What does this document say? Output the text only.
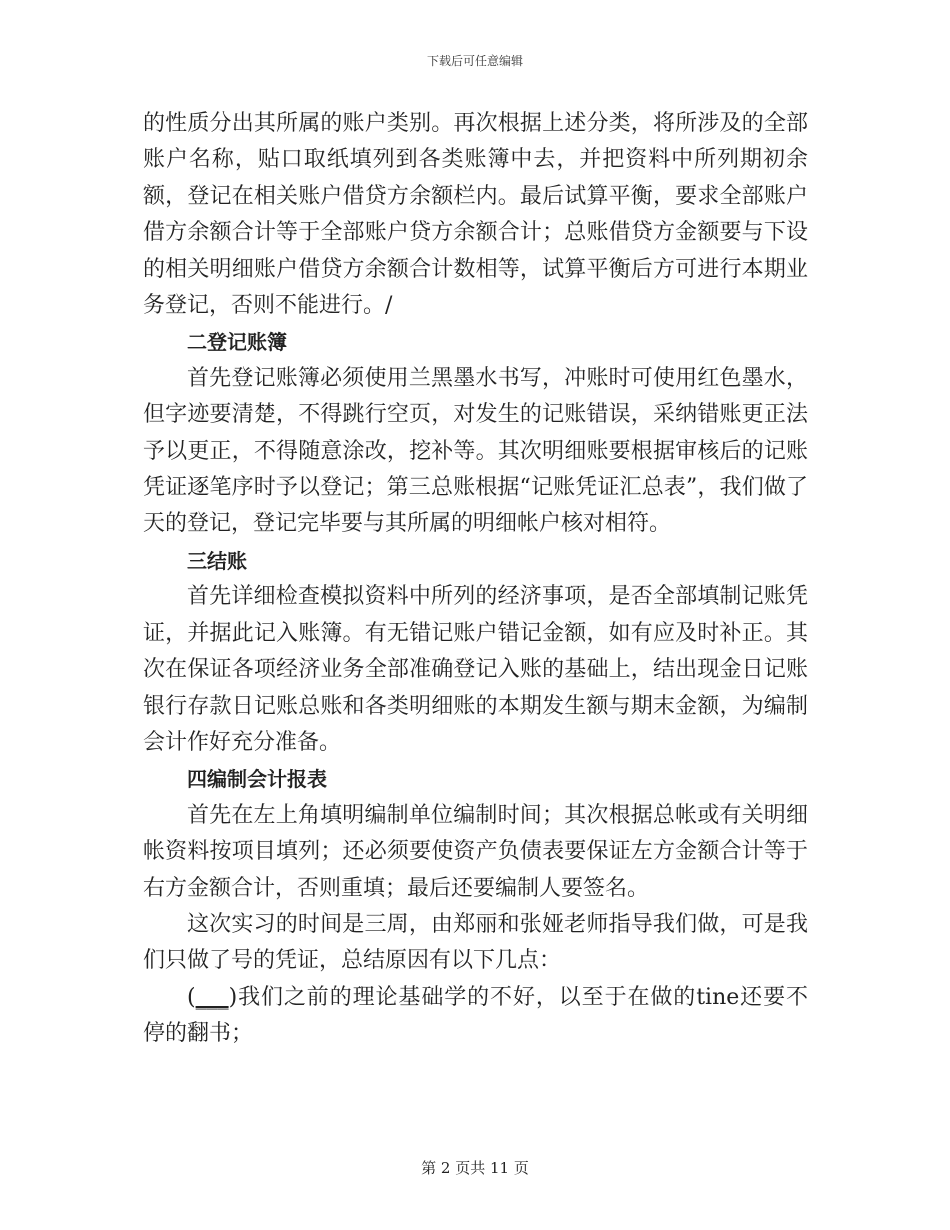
下载后可任意编辑

的性质分出其所属的账户类别。再次根据上述分类，将所涉及的全部账户名称，贴口取纸填列到各类账簿中去，并把资料中所列期初余额，登记在相关账户借贷方余额栏内。最后试算平衡，要求全部账户借方余额合计等于全部账户贷方余额合计；总账借贷方金额要与下设的相关明细账户借贷方余额合计数相等，试算平衡后方可进行本期业务登记，否则不能进行。/

二登记账簿

首先登记账簿必须使用兰黑墨水书写，冲账时可使用红色墨水，但字迹要清楚，不得跳行空页，对发生的记账错误，采纳错账更正法予以更正，不得随意涂改，挖补等。其次明细账要根据审核后的记账凭证逐笔序时予以登记；第三总账根据“记账凭证汇总表”，我们做了天的登记，登记完毕要与其所属的明细帐户核对相符。

三结账

首先详细检查模拟资料中所列的经济事项，是否全部填制记账凭证，并据此记入账簿。有无错记账户错记金额，如有应及时补正。其次在保证各项经济业务全部准确登记入账的基础上，结出现金日记账银行存款日记账总账和各类明细账的本期发生额与期末金额，为编制会计作好充分准备。

四编制会计报表

首先在左上角填明编制单位编制时间；其次根据总帐或有关明细帐资料按项目填列；还必须要使资产负债表要保证左方金额合计等于右方金额合计，否则重填；最后还要编制人要签名。

这次实习的时间是三周，由郑丽和张娅老师指导我们做，可是我们只做了号的凭证，总结原因有以下几点：

(___)我们之前的理论基础学的不好，以至于在做的tine还要不停的翻书；

第 2 页共 11 页
